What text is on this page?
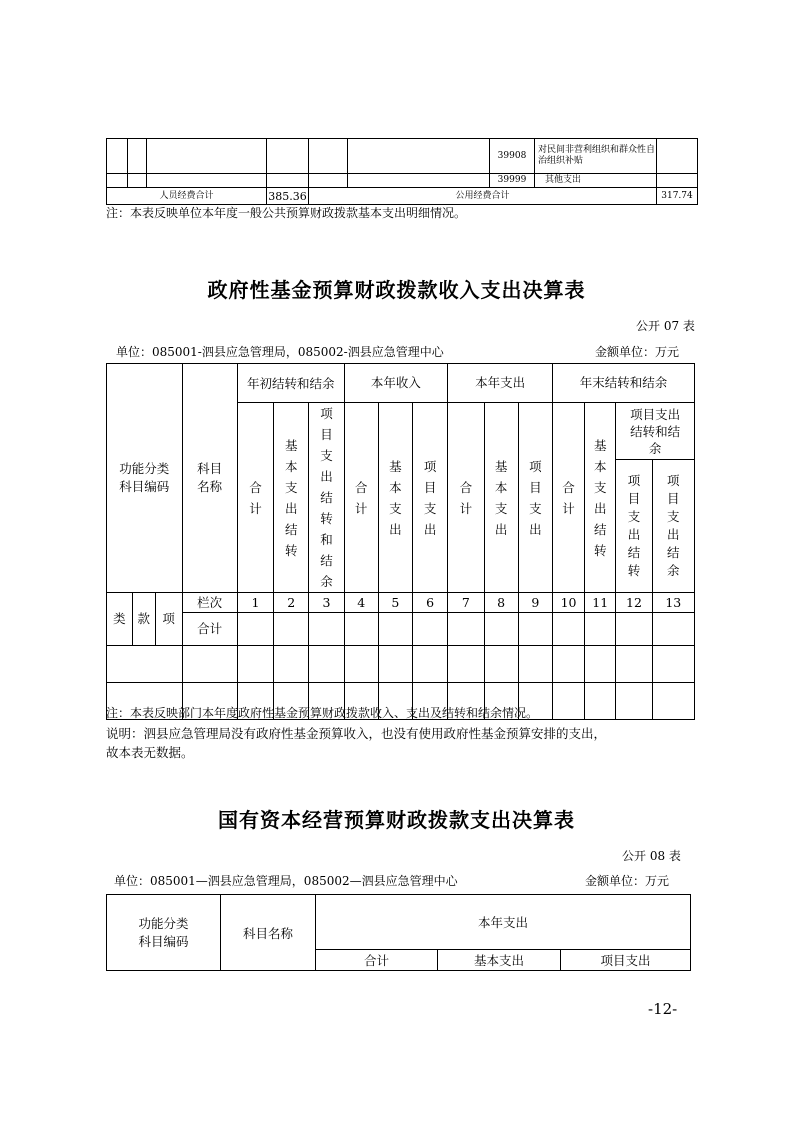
						39908	对民间非营利组织和群众性自治组织补贴	
						39999	其他支出	
人员经费合计			385.36	公用经费合计				317.74
注：本表反映单位本年度一般公共预算财政拨款基本支出明细情况。
政府性基金预算财政拨款收入支出决算表
公开 07 表
单位：085001-泗县应急管理局，085002-泗县应急管理中心	金额单位：万元
功能分类科目编码	科目名称	年初结转和结余			本年收入			本年支出			年末结转和结余			
		合计	基本支出结转	项目支出结转和结余	合计	基本支出	项目支出	合计	基本支出	项目支出	合计	基本支出结转	项目支出结转和结余	
													项目支出结转	项目支出结余

类 款 项	栏次	1	2	3	4	5	6	7	8	9	10	11	12	13
	合计													

注：本表反映部门本年度政府性基金预算财政拨款收入、支出及结转和结余情况。
说明：泗县应急管理局没有政府性基金预算收入，也没有使用政府性基金预算安排的支出，
故本表无数据。
国有资本经营预算财政拨款支出决算表
公开 08 表
单位：085001—泗县应急管理局，085002—泗县应急管理中心	金额单位：万元
功能分类
科目编码	科目名称	本年支出		
		合计	基本支出	项目支出
-12-
